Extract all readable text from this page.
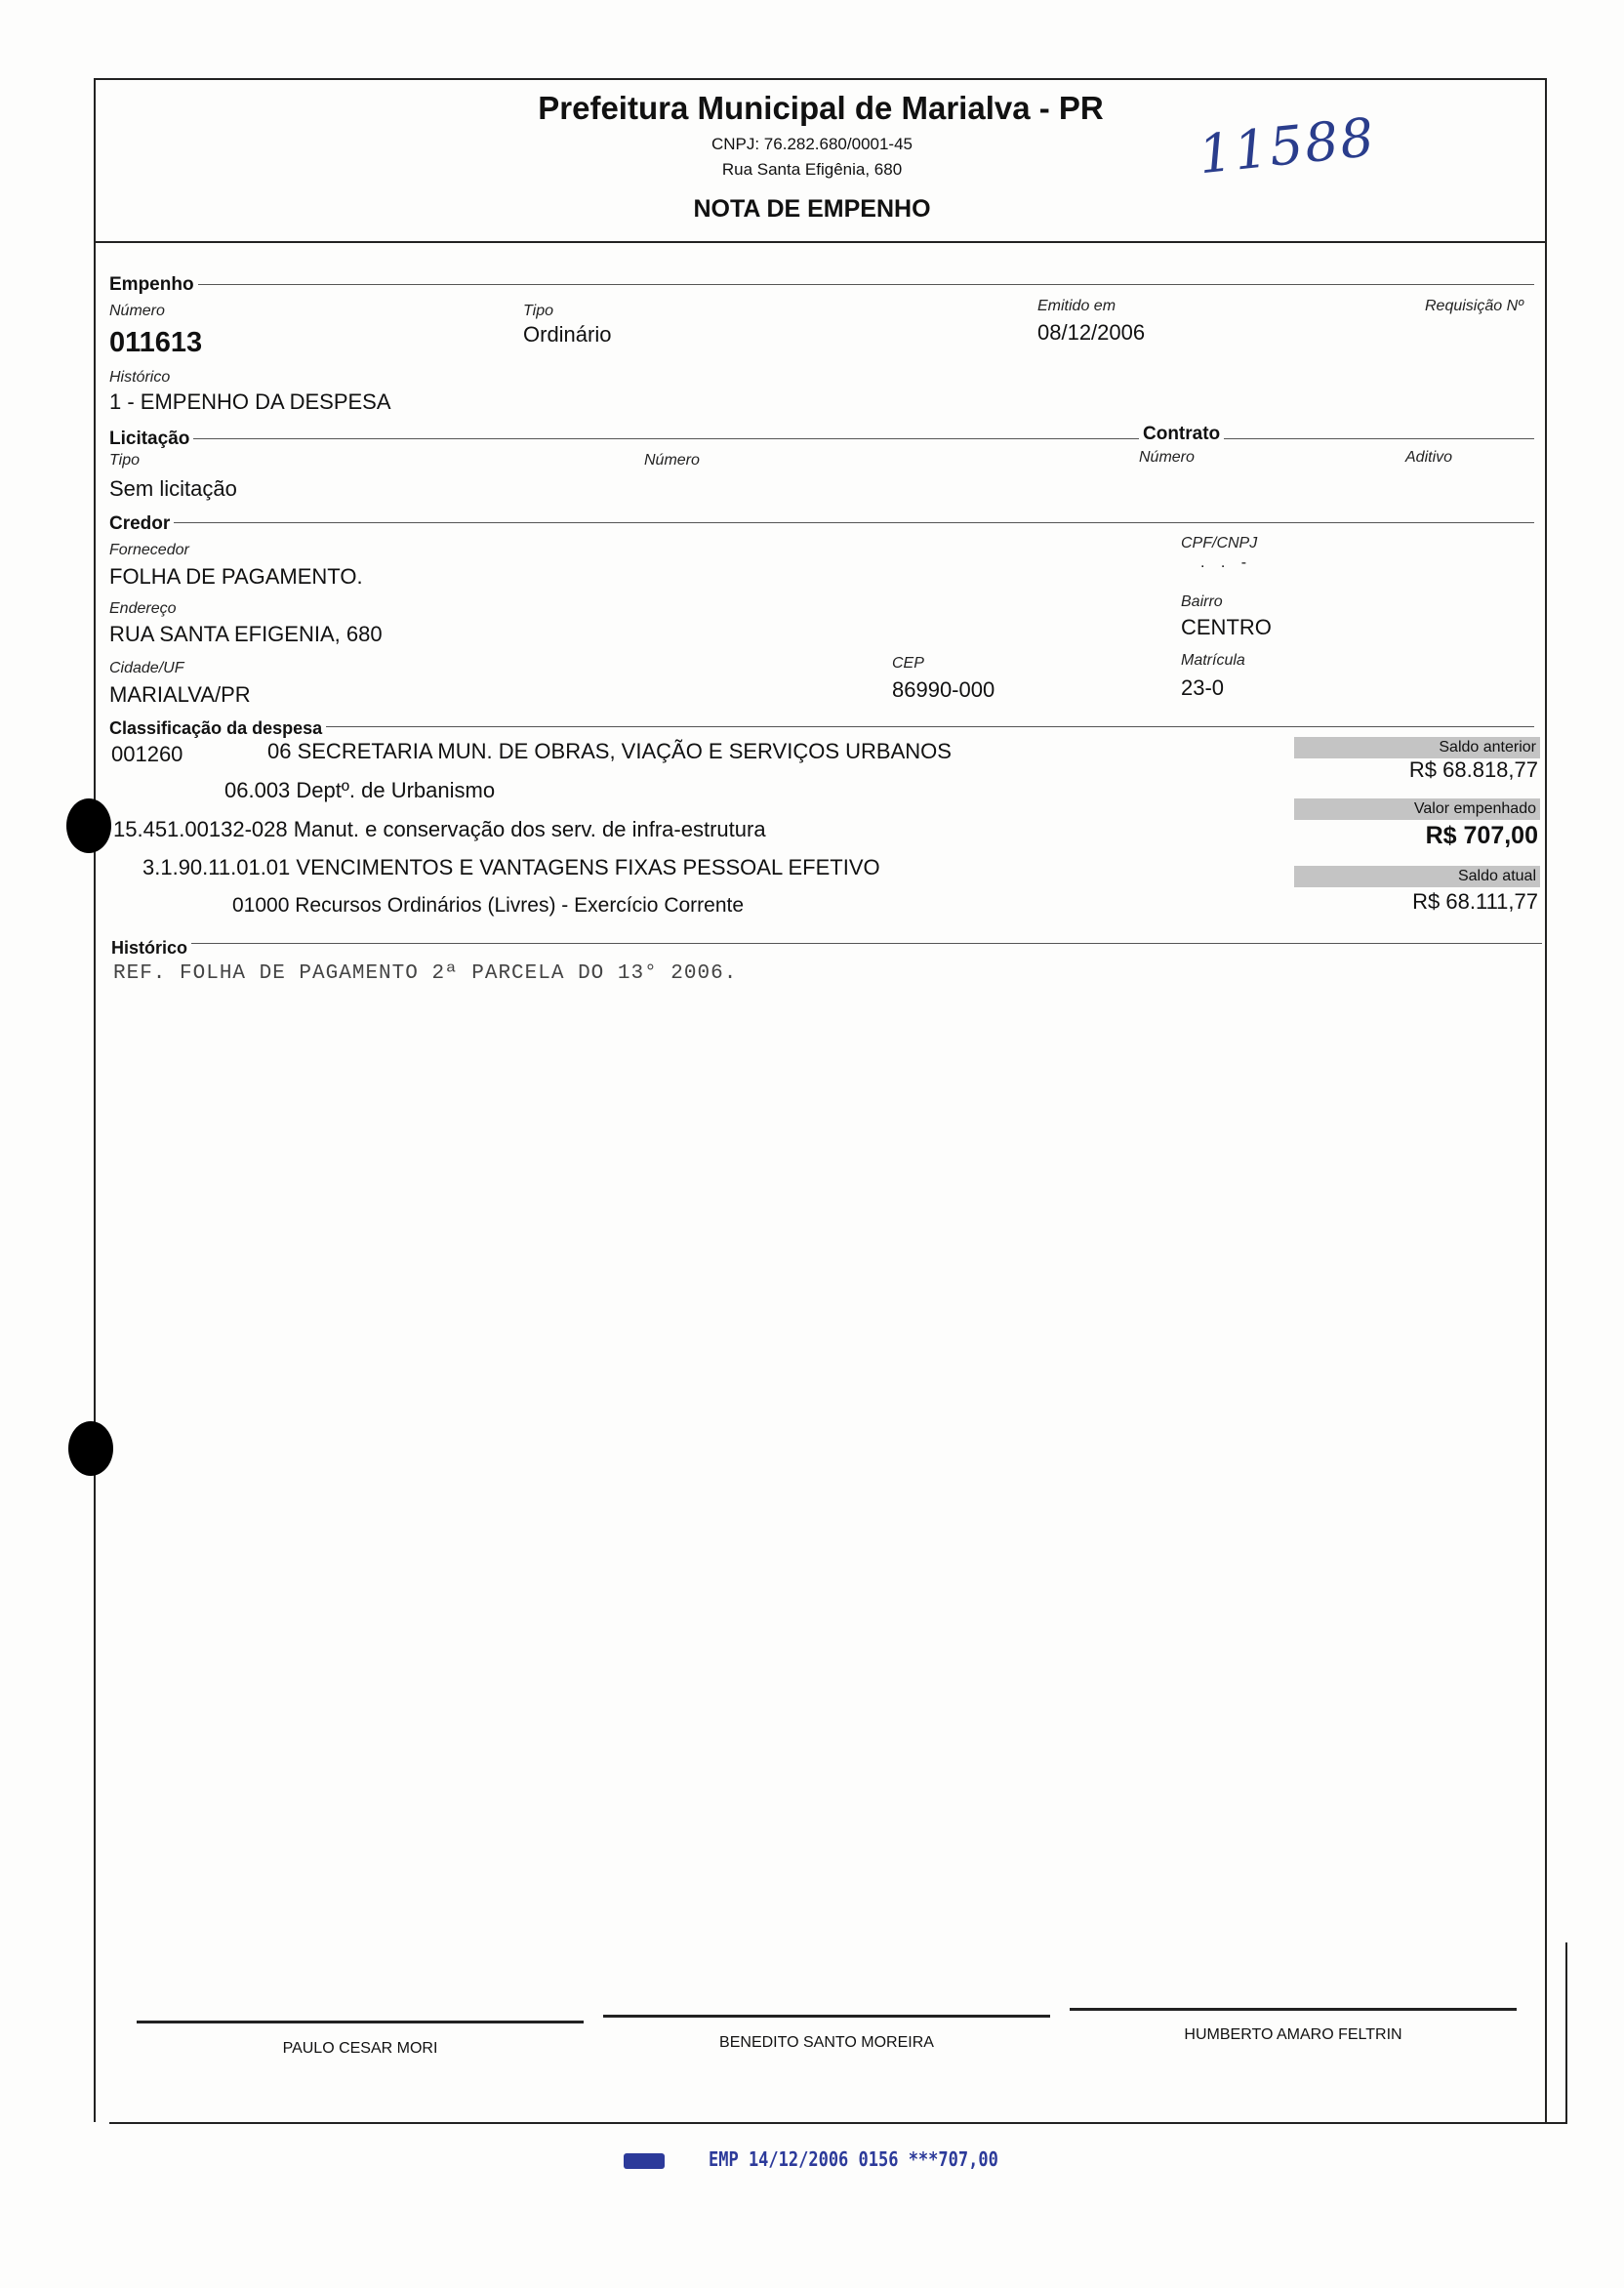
Prefeitura Municipal de Marialva - PR
CNPJ: 76.282.680/0001-45
Rua Santa Efigênia, 680
NOTA DE EMPENHO
11588
Empenho
Número
011613
Tipo
Ordinário
Emitido em
08/12/2006
Requisição Nº
Histórico
1 - EMPENHO DA DESPESA
Licitação	Contrato
Tipo
Sem licitação
Número	Número	Aditivo
Credor
Fornecedor
FOLHA DE PAGAMENTO.
CPF/CNPJ
. . -
Endereço
RUA SANTA EFIGENIA, 680
Bairro
CENTRO
Cidade/UF
MARIALVA/PR
CEP
86990-000
Matrícula
23-0
Classificação da despesa
001260	06 SECRETARIA MUN. DE OBRAS, VIAÇÃO E SERVIÇOS URBANOS
06.003 Deptº. de Urbanismo
15.451.00132-028 Manut. e conservação dos serv. de infra-estrutura
3.1.90.11.01.01 VENCIMENTOS E VANTAGENS FIXAS PESSOAL EFETIVO
01000 Recursos Ordinários (Livres) - Exercício Corrente
Saldo anterior
R$ 68.818,77
Valor empenhado
R$ 707,00
Saldo atual
R$ 68.111,77
Histórico
REF. FOLHA DE PAGAMENTO 2ª PARCELA DO 13° 2006.
PAULO CESAR MORI	BENEDITO SANTO MOREIRA	HUMBERTO AMARO FELTRIN
EMP 14/12/2006 0156 ***707,00
